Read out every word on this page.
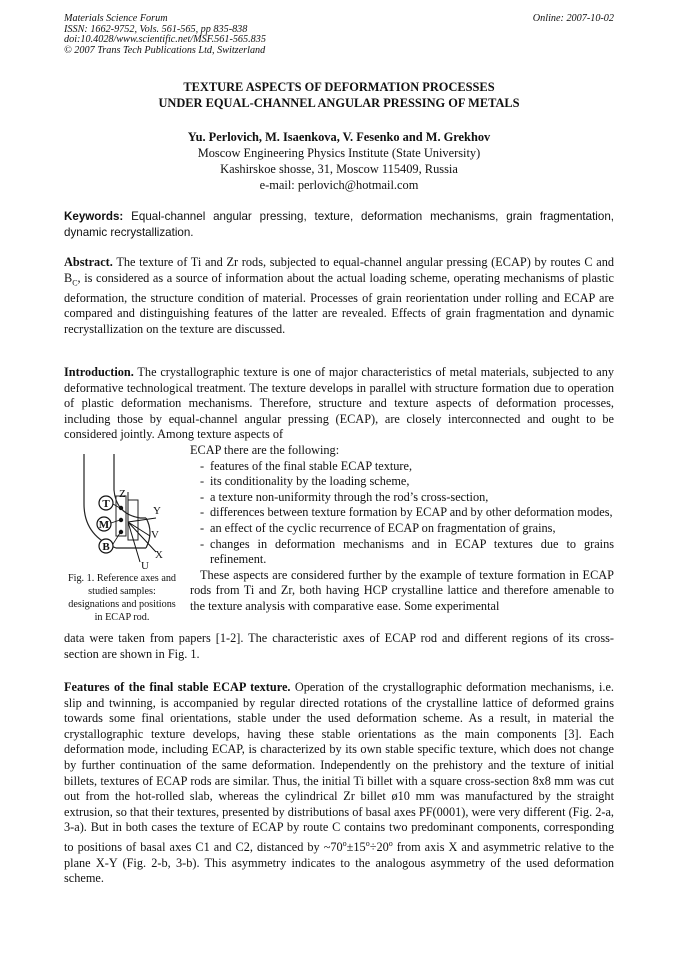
Materials Science Forum
ISSN: 1662-9752, Vols. 561-565, pp 835-838
doi:10.4028/www.scientific.net/MSF.561-565.835
© 2007 Trans Tech Publications Ltd, Switzerland
Online: 2007-10-02
TEXTURE ASPECTS OF DEFORMATION PROCESSES
UNDER EQUAL-CHANNEL ANGULAR PRESSING OF METALS
Yu. Perlovich, M. Isaenkova, V. Fesenko and M. Grekhov
Moscow Engineering Physics Institute (State University)
Kashirskoe shosse, 31, Moscow 115409, Russia
e-mail: perlovich@hotmail.com
Keywords: Equal-channel angular pressing, texture, deformation mechanisms, grain fragmentation, dynamic recrystallization.
Abstract. The texture of Ti and Zr rods, subjected to equal-channel angular pressing (ECAP) by routes C and $B_C$, is considered as a source of information about the actual loading scheme, operating mechanisms of plastic deformation, the structure condition of material. Processes of grain reorientation under rolling and ECAP are compared and distinguishing features of the latter are revealed. Effects of grain fragmentation and dynamic recrystallization on the texture are discussed.
Introduction. The crystallographic texture is one of major characteristics of metal materials, subjected to any deformative technological treatment. The texture develops in parallel with structure formation due to operation of plastic deformation mechanisms. Therefore, structure and texture aspects of deformation processes, including those by equal-channel angular pressing (ECAP), are closely interconnected and ought to be considered jointly. Among texture aspects of
T
M
B
Z
Y
V
X
U
Fig. 1. Reference axes and studied samples: designations and positions in ECAP rod.
ECAP there are the following:
- features of the final stable ECAP texture,
- its conditionality by the loading scheme,
- a texture non-uniformity through the rod’s cross-section,
- differences between texture formation by ECAP and by other deformation modes,
- an effect of the cyclic recurrence of ECAP on fragmentation of grains,
- changes in deformation mechanisms and in ECAP textures due to grains refinement.
These aspects are considered further by the example of texture formation in ECAP rods from Ti and Zr, both having HCP crystalline lattice and therefore amenable to the texture analysis with comparative ease. Some experimental
data were taken from papers [1-2]. The characteristic axes of ECAP rod and different regions of its cross-section are shown in Fig. 1.
Features of the final stable ECAP texture. Operation of the crystallographic deformation mechanisms, i.e. slip and twinning, is accompanied by regular directed rotations of the crystalline lattice of deformed grains towards some final orientations, stable under the used deformation scheme. As a result, in material the crystallographic texture develops, having these stable orientations as the main components [3]. Each deformation mode, including ECAP, is characterized by its own stable specific texture, which does not change by further continuation of the same deformation. Independently on the prehistory and the texture of initial billets, textures of ECAP rods are similar. Thus, the initial Ti billet with a square cross-section 8x8 mm was cut out from the hot-rolled slab, whereas the cylindrical Zr billet ø10 mm was manufactured by the straight extrusion, so that their textures, presented by distributions of basal axes PF(0001), were very different (Fig. 2-a, 3-a). But in both cases the texture of ECAP by route C contains two predominant components, corresponding to positions of basal axes C1 and C2, distanced by $\sim 70^o\pm 15^o\div 20^o$ from axis X and asymmetric relative to the plane X-Y (Fig. 2-b, 3-b). This asymmetry indicates to the analogous asymmetry of the used deformation scheme.
